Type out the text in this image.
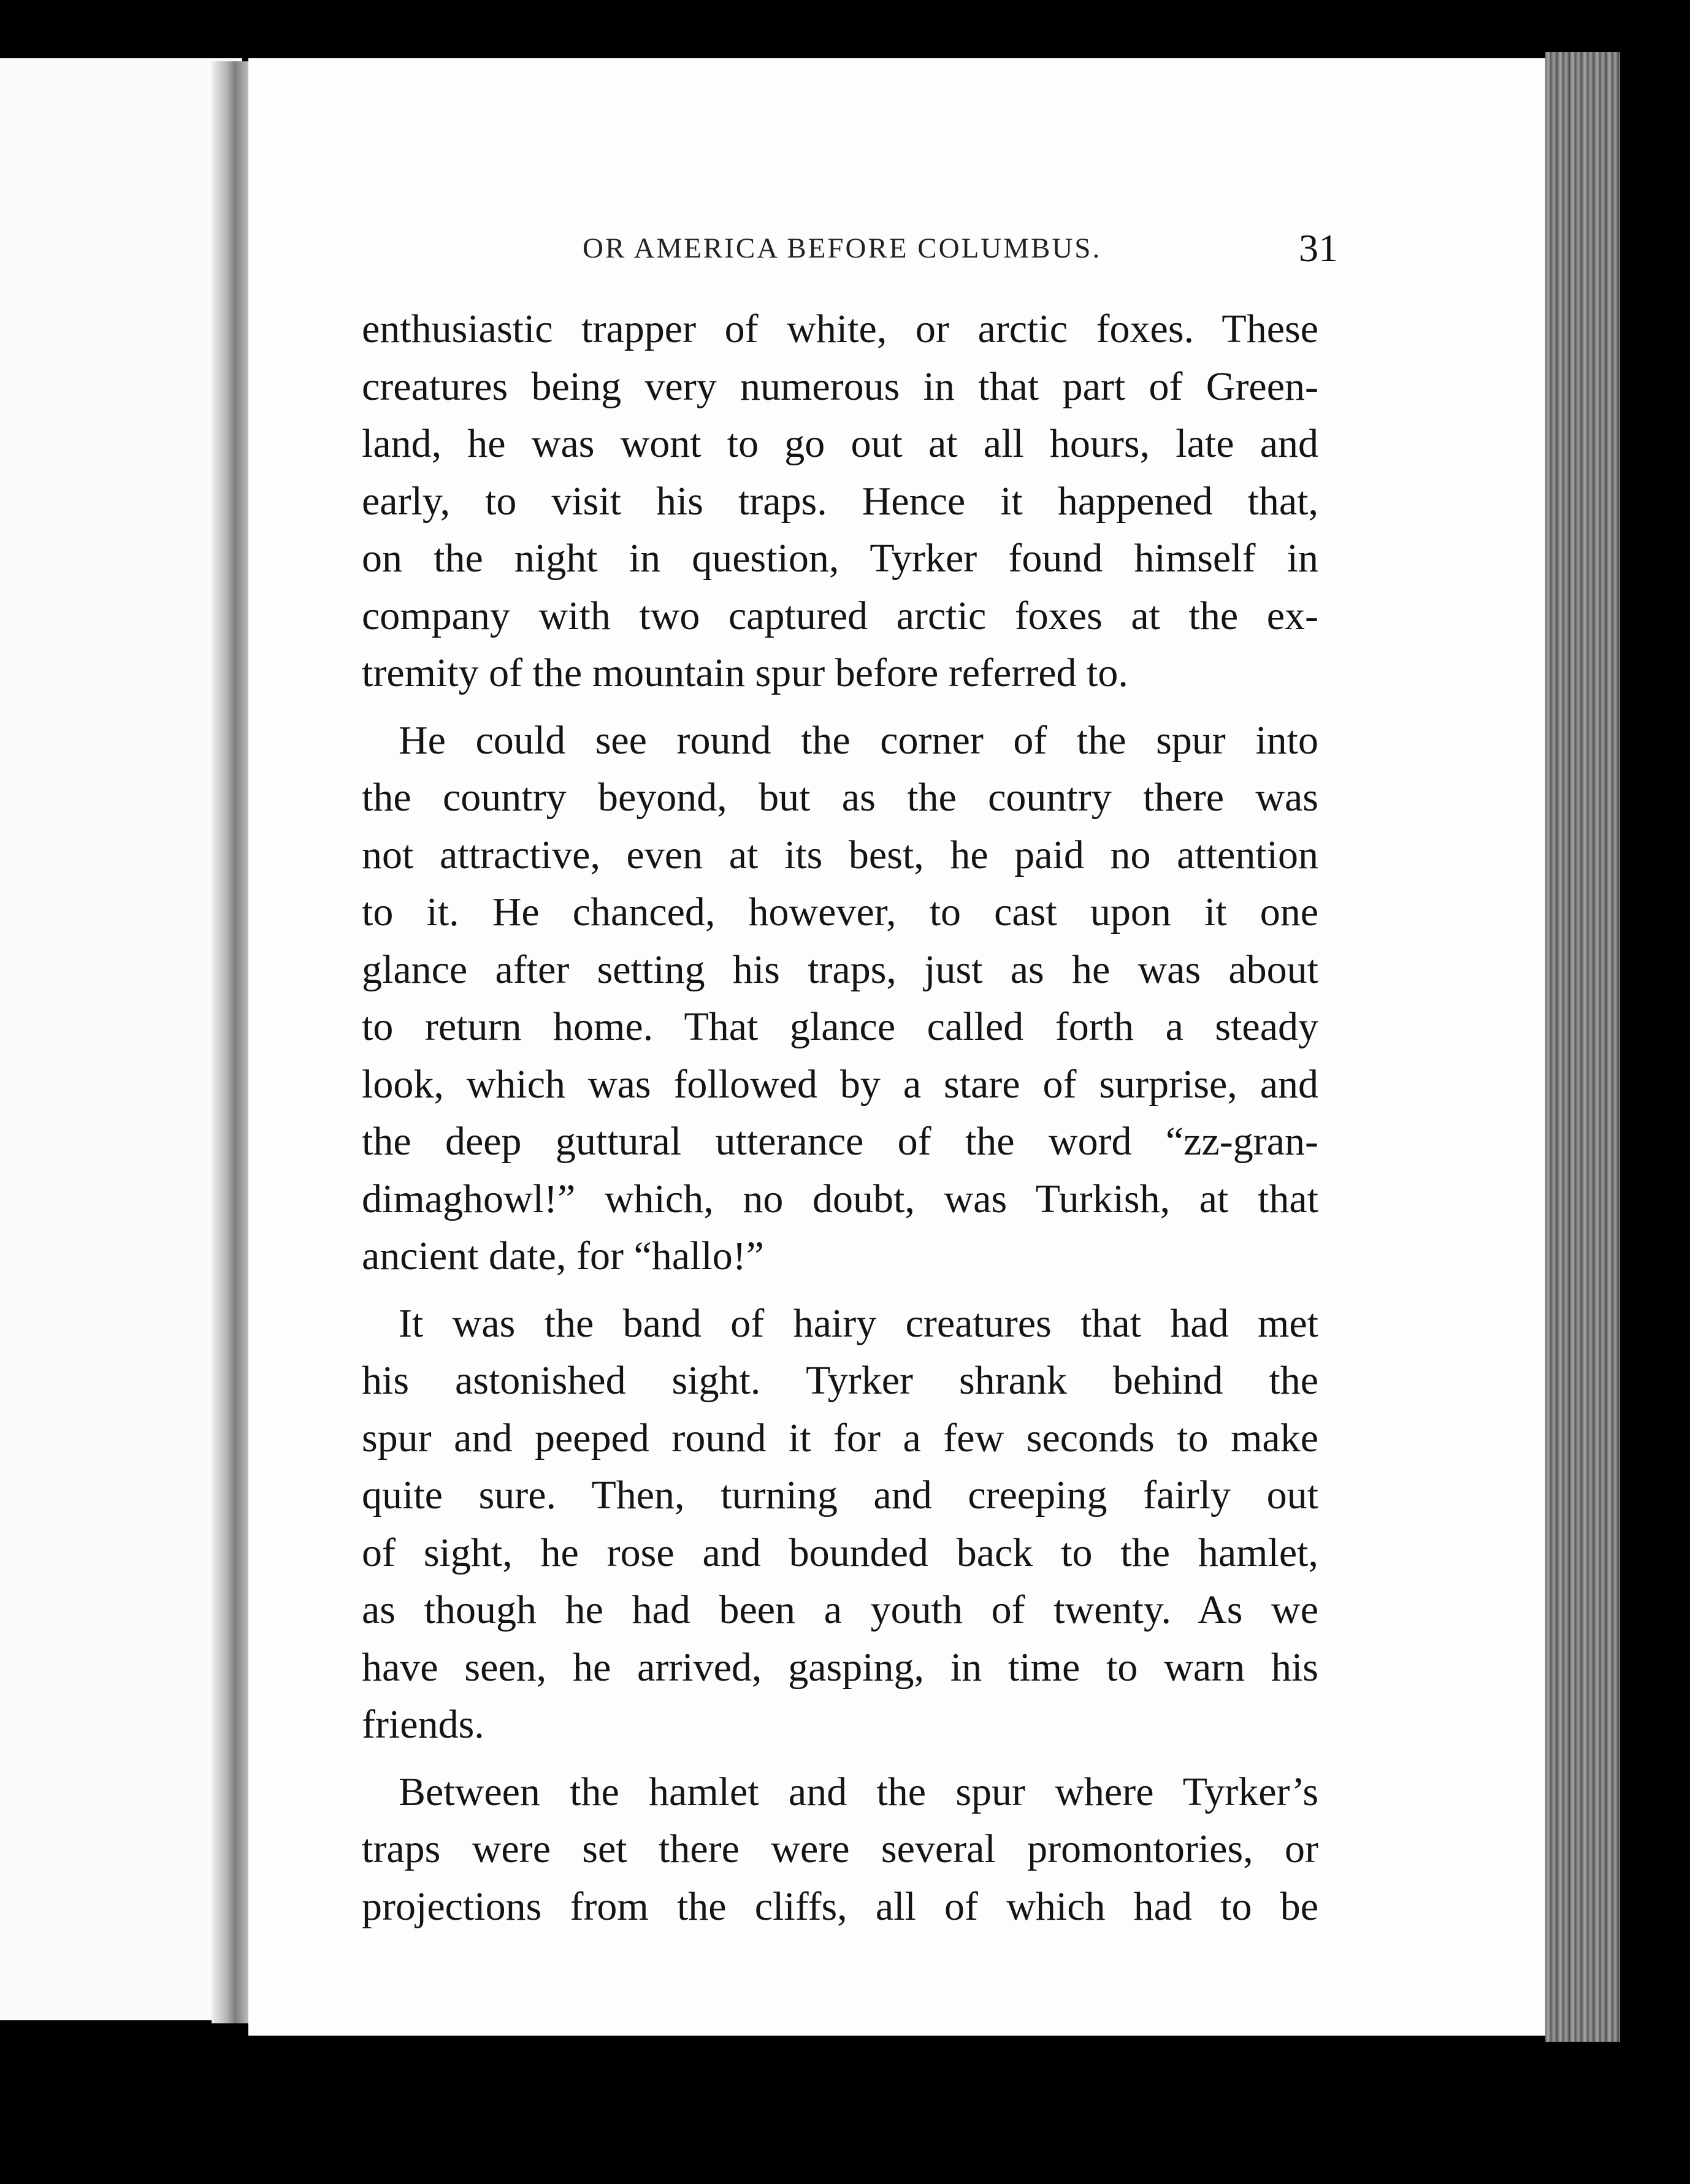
OR AMERICA BEFORE COLUMBUS.	31
enthusiastic trapper of white, or arctic foxes. These
creatures being very numerous in that part of Green-
land, he was wont to go out at all hours, late and
early, to visit his traps. Hence it happened that,
on the night in question, Tyrker found himself in
company with two captured arctic foxes at the ex-
tremity of the mountain spur before referred to.
He could see round the corner of the spur into
the country beyond, but as the country there was
not attractive, even at its best, he paid no attention
to it. He chanced, however, to cast upon it one
glance after setting his traps, just as he was about
to return home. That glance called forth a steady
look, which was followed by a stare of surprise, and
the deep guttural utterance of the word “zz-gran-
dimaghowl!” which, no doubt, was Turkish, at that
ancient date, for “hallo!”
It was the band of hairy creatures that had met
his astonished sight. Tyrker shrank behind the
spur and peeped round it for a few seconds to make
quite sure. Then, turning and creeping fairly out
of sight, he rose and bounded back to the hamlet,
as though he had been a youth of twenty. As we
have seen, he arrived, gasping, in time to warn his
friends.
Between the hamlet and the spur where Tyrker’s
traps were set there were several promontories, or
projections from the cliffs, all of which had to be
